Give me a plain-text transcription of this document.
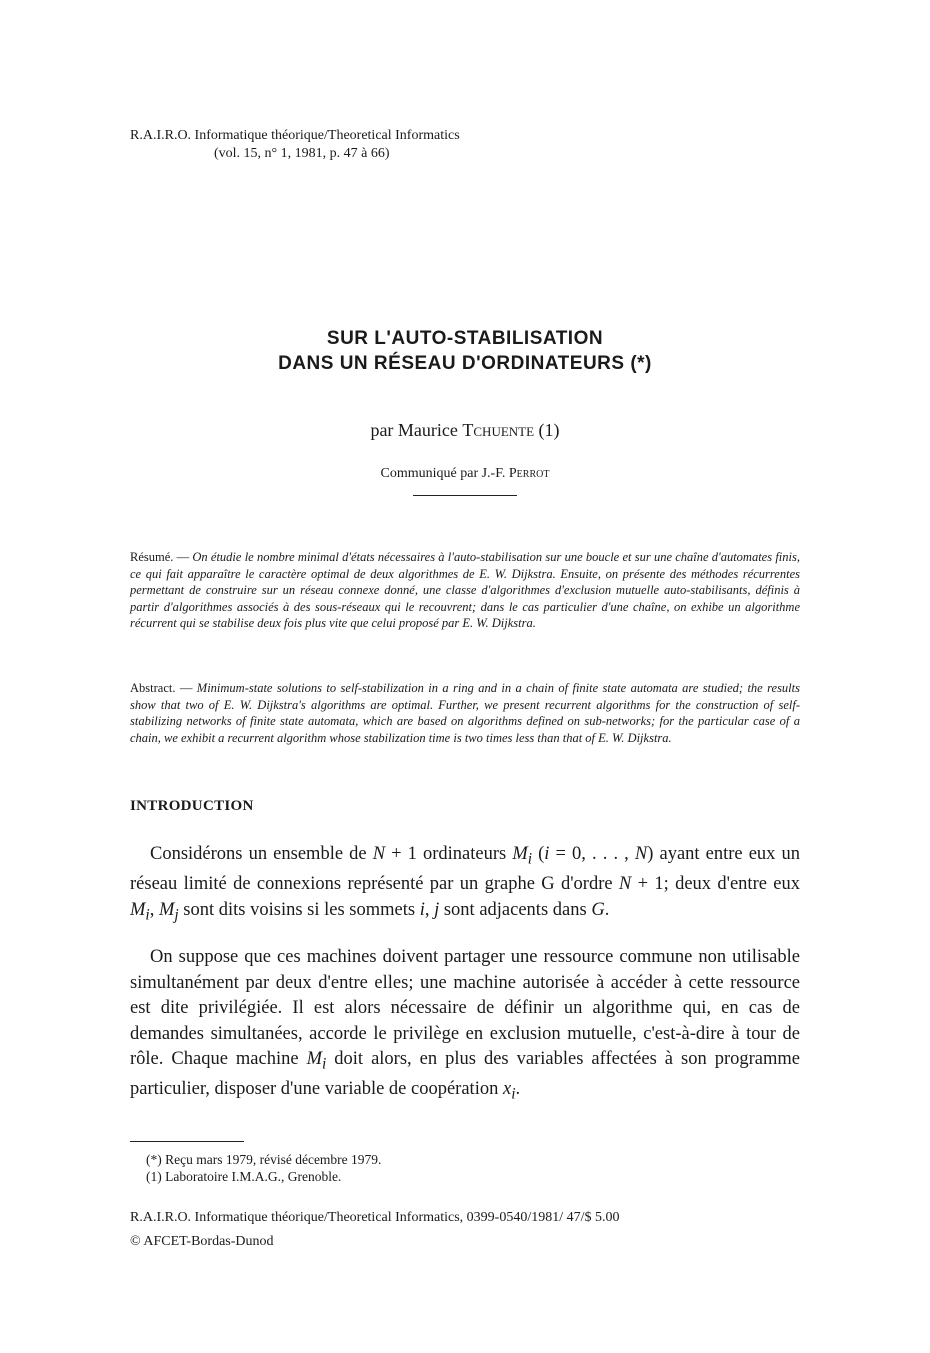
R.A.I.R.O. Informatique théorique/Theoretical Informatics
(vol. 15, n° 1, 1981, p. 47 à 66)
SUR L'AUTO-STABILISATION
DANS UN RÉSEAU D'ORDINATEURS (*)
par Maurice Tchuente (1)
Communiqué par J.-F. Perrot
Résumé. — On étudie le nombre minimal d'états nécessaires à l'auto-stabilisation sur une boucle et sur une chaîne d'automates finis, ce qui fait apparaître le caractère optimal de deux algorithmes de E. W. Dijkstra. Ensuite, on présente des méthodes récurrentes permettant de construire sur un réseau connexe donné, une classe d'algorithmes d'exclusion mutuelle auto-stabilisants, définis à partir d'algorithmes associés à des sous-réseaux qui le recouvrent; dans le cas particulier d'une chaîne, on exhibe un algorithme récurrent qui se stabilise deux fois plus vite que celui proposé par E. W. Dijkstra.
Abstract. — Minimum-state solutions to self-stabilization in a ring and in a chain of finite state automata are studied; the results show that two of E. W. Dijkstra's algorithms are optimal. Further, we present recurrent algorithms for the construction of self-stabilizing networks of finite state automata, which are based on algorithms defined on sub-networks; for the particular case of a chain, we exhibit a recurrent algorithm whose stabilization time is two times less than that of E. W. Dijkstra.
INTRODUCTION

Considérons un ensemble de N + 1 ordinateurs $M_i$ (i = 0, . . . , N) ayant entre eux un réseau limité de connexions représenté par un graphe G d'ordre N + 1; deux d'entre eux $M_i$, $M_j$ sont dits voisins si les sommets i, j sont adjacents dans G.

On suppose que ces machines doivent partager une ressource commune non utilisable simultanément par deux d'entre elles; une machine autorisée à accéder à cette ressource est dite privilégiée. Il est alors nécessaire de définir un algorithme qui, en cas de demandes simultanées, accorde le privilège en exclusion mutuelle, c'est-à-dire à tour de rôle. Chaque machine $M_i$ doit alors, en plus des variables affectées à son programme particulier, disposer d'une variable de coopération $x_i$.

(*) Reçu mars 1979, révisé décembre 1979.
(1) Laboratoire I.M.A.G., Grenoble.
R.A.I.R.O. Informatique théorique/Theoretical Informatics, 0399-0540/1981/ 47/$ 5.00
© AFCET-Bordas-Dunod
